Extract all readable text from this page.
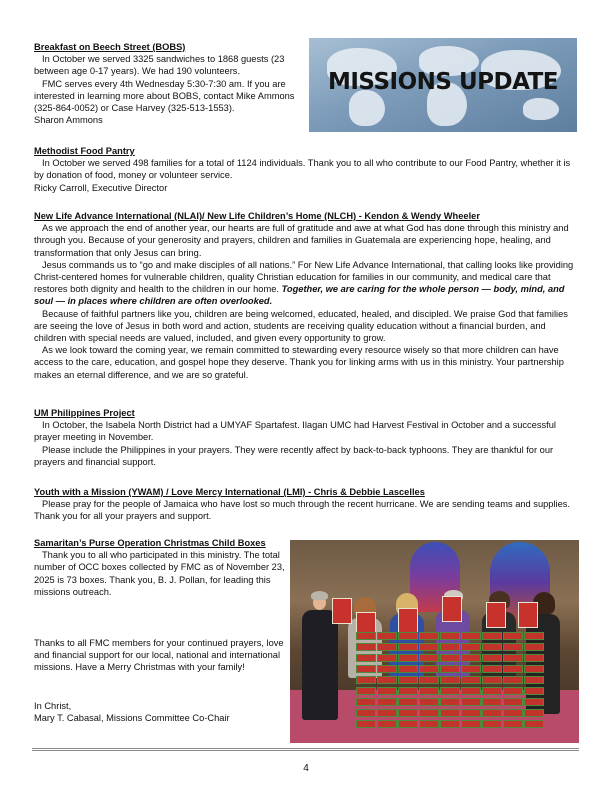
MISSIONS UPDATE

Breakfast on Beech Street (BOBS)

In October we served 3325 sandwiches to 1868 guests (23 between age 0-17 years). We had 190 volunteers.

FMC serves every 4th Wednesday 5:30-7:30 am. If you are interested in learning more about BOBS, contact Mike Ammons (325-864-0052) or Case Harvey (325-513-1553).

Sharon Ammons

Methodist Food Pantry

In October we served 498 families for a total of 1124 individuals. Thank you to all who contribute to our Food Pantry, whether it is by donation of food, money or volunteer service.

Ricky Carroll, Executive Director

New Life Advance International (NLAI)/ New Life Children’s Home (NLCH) - Kendon & Wendy Wheeler

As we approach the end of another year, our hearts are full of gratitude and awe at what God has done through this ministry and through you. Because of your generosity and prayers, children and families in Guatemala are experiencing hope, healing, and transformation that only Jesus can bring.

Jesus commands us to “go and make disciples of all nations.” For New Life Advance International, that calling looks like providing Christ-centered homes for vulnerable children, quality Christian education for families in our community, and medical care that restores both dignity and health to the children in our home. Together, we are caring for the whole person — body, mind, and soul — in places where children are often overlooked.

Because of faithful partners like you, children are being welcomed, educated, healed, and discipled. We praise God that families are seeing the love of Jesus in both word and action, students are receiving quality education without a financial burden, and children with special needs are valued, included, and given every opportunity to grow.

As we look toward the coming year, we remain committed to stewarding every resource wisely so that more children can have access to the care, education, and gospel hope they deserve. Thank you for linking arms with us in this ministry. Your partnership makes an eternal difference, and we are so grateful.

UM Philippines Project

In October, the Isabela North District had a UMYAF Spartafest. Ilagan UMC had Harvest Festival in October and a successful prayer meeting in November.

Please include the Philippines in your prayers. They were recently affect by back-to-back typhoons. They are thankful for our prayers and financial support.

Youth with a Mission (YWAM) / Love Mercy International (LMI) - Chris & Debbie Lascelles

Please pray for the people of Jamaica who have lost so much through the recent hurricane. We are sending teams and supplies. Thank you for all your prayers and support.

Samaritan’s Purse Operation Christmas Child Boxes

Thank you to all who participated in this ministry. The total number of OCC boxes collected by FMC as of November 23, 2025 is 73 boxes. Thank you, B. J. Pollan, for leading this missions outreach.

Thanks to all FMC members for your continued prayers, love and financial support for our local, national and international missions. Have a Merry Christmas with your family!

In Christ,

Mary T. Cabasal, Missions Committee Co-Chair

4
